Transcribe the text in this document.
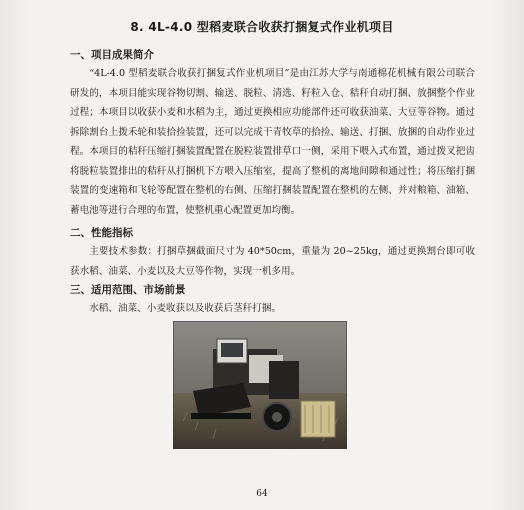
8. 4L-4.0 型稻麦联合收获打捆复式作业机项目
一、项目成果简介

“4L-4.0 型稻麦联合收获打捆复式作业机项目”是由江苏大学与南通棉花机械有限公司联合研发的，本项目能实现谷物切割、输送、脱粒、清选、籽粒入仓、秸秆自动打捆、放捆整个作业过程；本项目以收获小麦和水稻为主，通过更换相应功能部件还可收获油菜、大豆等谷物。通过拆除割台上拨禾轮和装拾捡装置，还可以完成干青牧草的拾捡、输送、打捆、放捆的自动作业过程。本项目的秸秆压缩打捆装置配置在脱粒装置排草口一侧，采用下喂入式布置，通过拨叉把齿将脱粒装置排出的秸秆从打捆机下方喂入压缩室，提高了整机的离地间隙和通过性；将压缩打捆装置的变速箱和飞轮等配置在整机的右侧、压缩打捆装置配置在整机的左侧、并对粮箱、油箱、蓄电池等进行合理的布置，使整机重心配置更加均衡。

二、性能指标

主要技术参数：打捆草捆截面尺寸为 40*50cm，重量为 20~25kg，通过更换割台即可收获水稻、油菜、小麦以及大豆等作物，实现一机多用。

三、适用范围、市场前景

水稻、油菜、小麦收获以及收获后茎秆打捆。

64
